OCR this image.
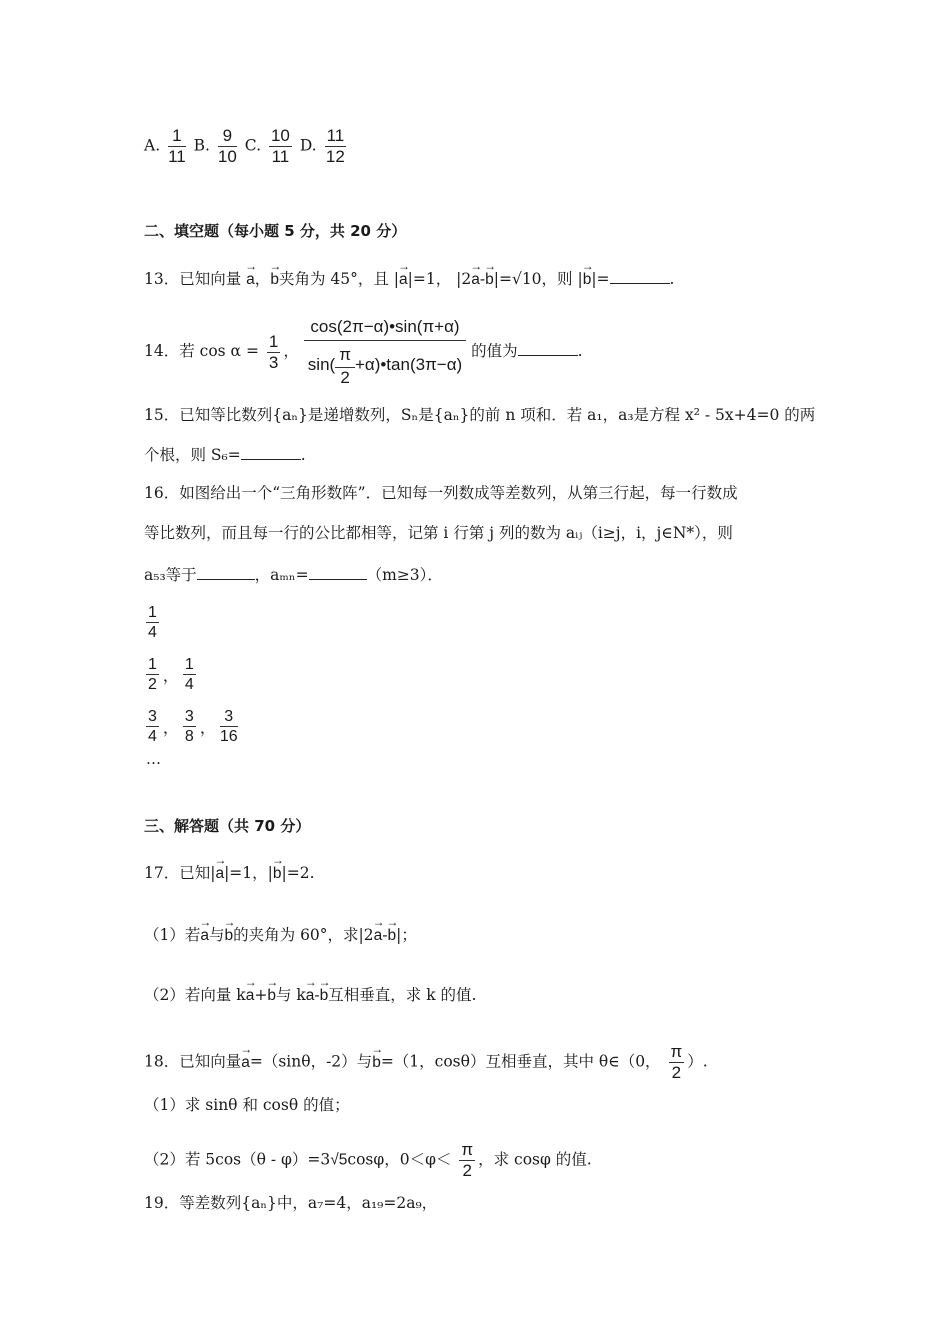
A. $\frac{1}{11} B$. $\frac{9}{10} C$. $\frac{10}{11} D$. $\frac{11}{12}$
二、填空题（每小题 5 分，共 20 分）
13．已知向量 → a，→ b夹角为 45°，且 |→ a|=1， |2→ a-→ b|=√10，则 |→ b|=	.
14．若 $\cos \alpha = \frac{1}{3}$ ， $\frac{\cos(2\pi-\alpha)•\sin(\pi+\alpha)}{\sin( \frac{\pi}{2} +\alpha)•\tan(3\pi-\alpha)}$ 的值为	.
15．已知等比数列{aₙ}是递增数列，Sₙ是{aₙ}的前 n 项和．若 a₁，a₃是方程 x² - 5x+4=0 的两
个根，则 S₆=	.
16．如图给出一个“三角形数阵”．已知每一列数成等差数列，从第三行起，每一行数成
等比数列，而且每一行的公比都相等，记第 i 行第 j 列的数为 aᵢⱼ（i≥j，i，j∈N*），则
a₅₃等于	，aₘₙ=	（m≥3）．
$\frac{1}{4}$
$\frac{1}{2}$ ， $\frac{1}{4}$
$\frac{3}{4}$ ， $\frac{3}{8}$ ， $\frac{3}{16}$
…
三、解答题（共 70 分）
17．已知|→ a|=1，|→ b|=2.
（1）若→ a与→ b的夹角为 60°，求|2→ a-→ b|；
（2）若向量 k→ a+→ b与 k→ a-→ b互相垂直，求 k 的值.
18．已知向量→ a=（sinθ，-2）与→ b=（1，cosθ）互相垂直，其中 θ∈（0， $\frac{\pi}{2}$ ）.
（1）求 sinθ 和 cosθ 的值；
（2）若 5cos（θ - φ）=3√5cosφ，$0<\varphi< \frac{\pi}{2}$ ，求 cosφ 的值.
19．等差数列{aₙ}中，a₇=4，a₁₉=2a₉，
